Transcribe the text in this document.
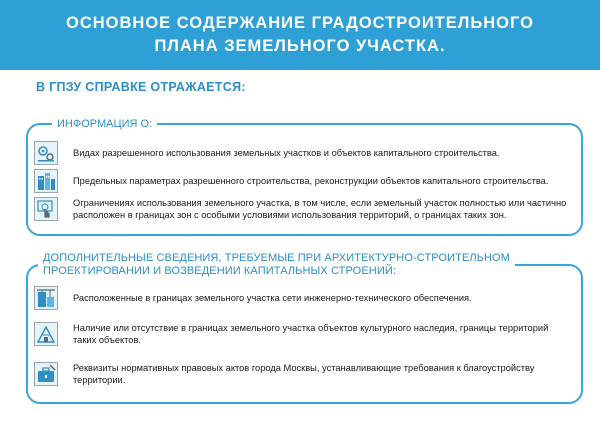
ОСНОВНОЕ СОДЕРЖАНИЕ ГРАДОСТРОИТЕЛЬНОГО
ПЛАНА ЗЕМЕЛЬНОГО УЧАСТКА.
В ГПЗУ СПРАВКЕ ОТРАЖАЕТСЯ:
ИНФОРМАЦИЯ О:
Видах разрешенного использования земельных участков и объектов капитального строительства.
Предельных параметрах разрешенного строительства, реконструкции объектов капитального строительства.
Ограничениях использования земельного участка, в том числе, если земельный участок полностью или частично расположен в границах зон с особыми условиями использования территорий, о границах таких зон.
ДОПОЛНИТЕЛЬНЫЕ СВЕДЕНИЯ, ТРЕБУЕМЫЕ ПРИ АРХИТЕКТУРНО-СТРОИТЕЛЬНОМ
ПРОЕКТИРОВАНИИ И ВОЗВЕДЕНИИ КАПИТАЛЬНЫХ СТРОЕНИЙ:
Расположенные в границах земельного участка сети инженерно-технического обеспечения.
Наличие или отсутствие в границах земельного участка объектов культурного наследия, границы территорий таких объектов.
Реквизиты нормативных правовых актов города Москвы, устанавливающие требования к благоустройству территории.
